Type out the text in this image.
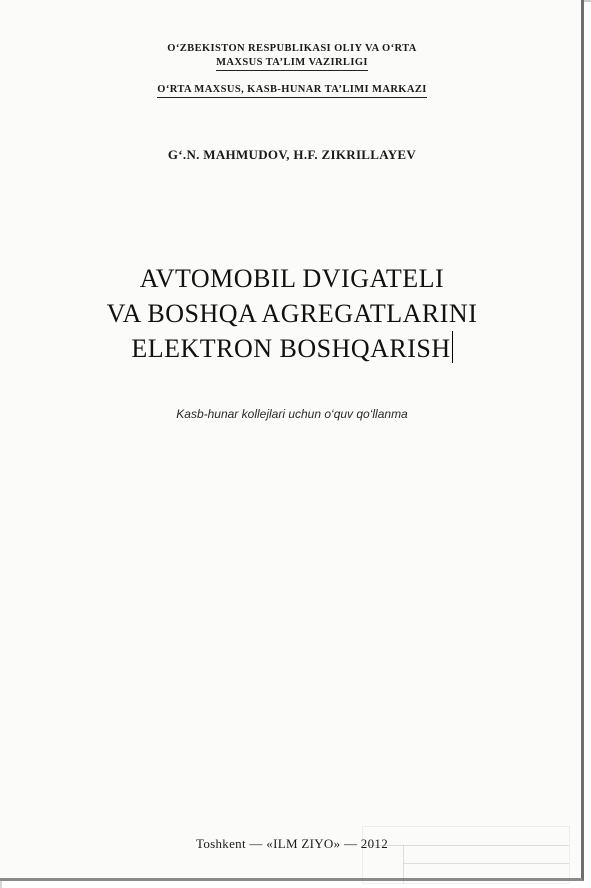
O‘ZBEKISTON RESPUBLIKASI OLIY VA O‘RTA
MAXSUS TA’LIM VAZIRLIGI
O‘RTA MAXSUS, KASB-HUNAR TA’LIMI MARKAZI
G‘.N. MAHMUDOV, H.F. ZIKRILLAYEV
AVTOMOBIL DVIGATELI
VA BOSHQA AGREGATLARINI
ELEKTRON BOSHQARISH
Kasb-hunar kollejlari uchun o‘quv qo‘llanma
Toshkent — «ILM ZIYO» — 2012
